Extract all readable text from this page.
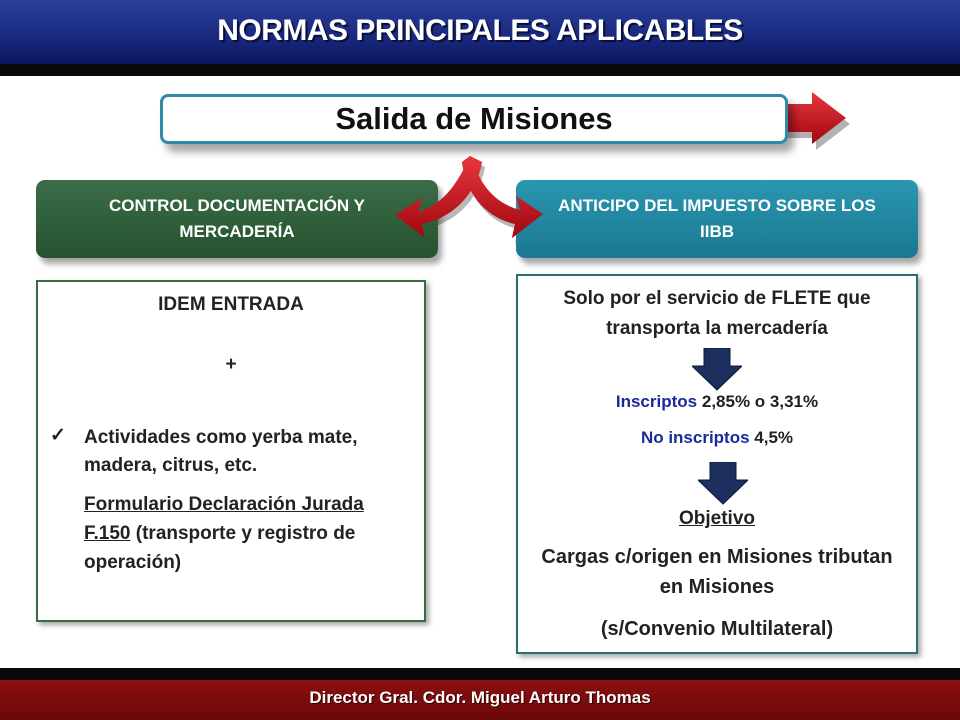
NORMAS PRINCIPALES APLICABLES
Salida de Misiones
CONTROL DOCUMENTACIÓN Y MERCADERÍA
ANTICIPO DEL IMPUESTO SOBRE LOS IIBB
IDEM ENTRADA
+
✓ Actividades como yerba mate, madera, citrus, etc.
Formulario Declaración Jurada F.150 (transporte y registro de operación)
Solo por el servicio de FLETE que transporta la mercadería
Inscriptos 2,85% o 3,31%
No inscriptos 4,5%
Objetivo
Cargas c/origen en Misiones tributan en Misiones
(s/Convenio Multilateral)
Director Gral. Cdor. Miguel Arturo Thomas
